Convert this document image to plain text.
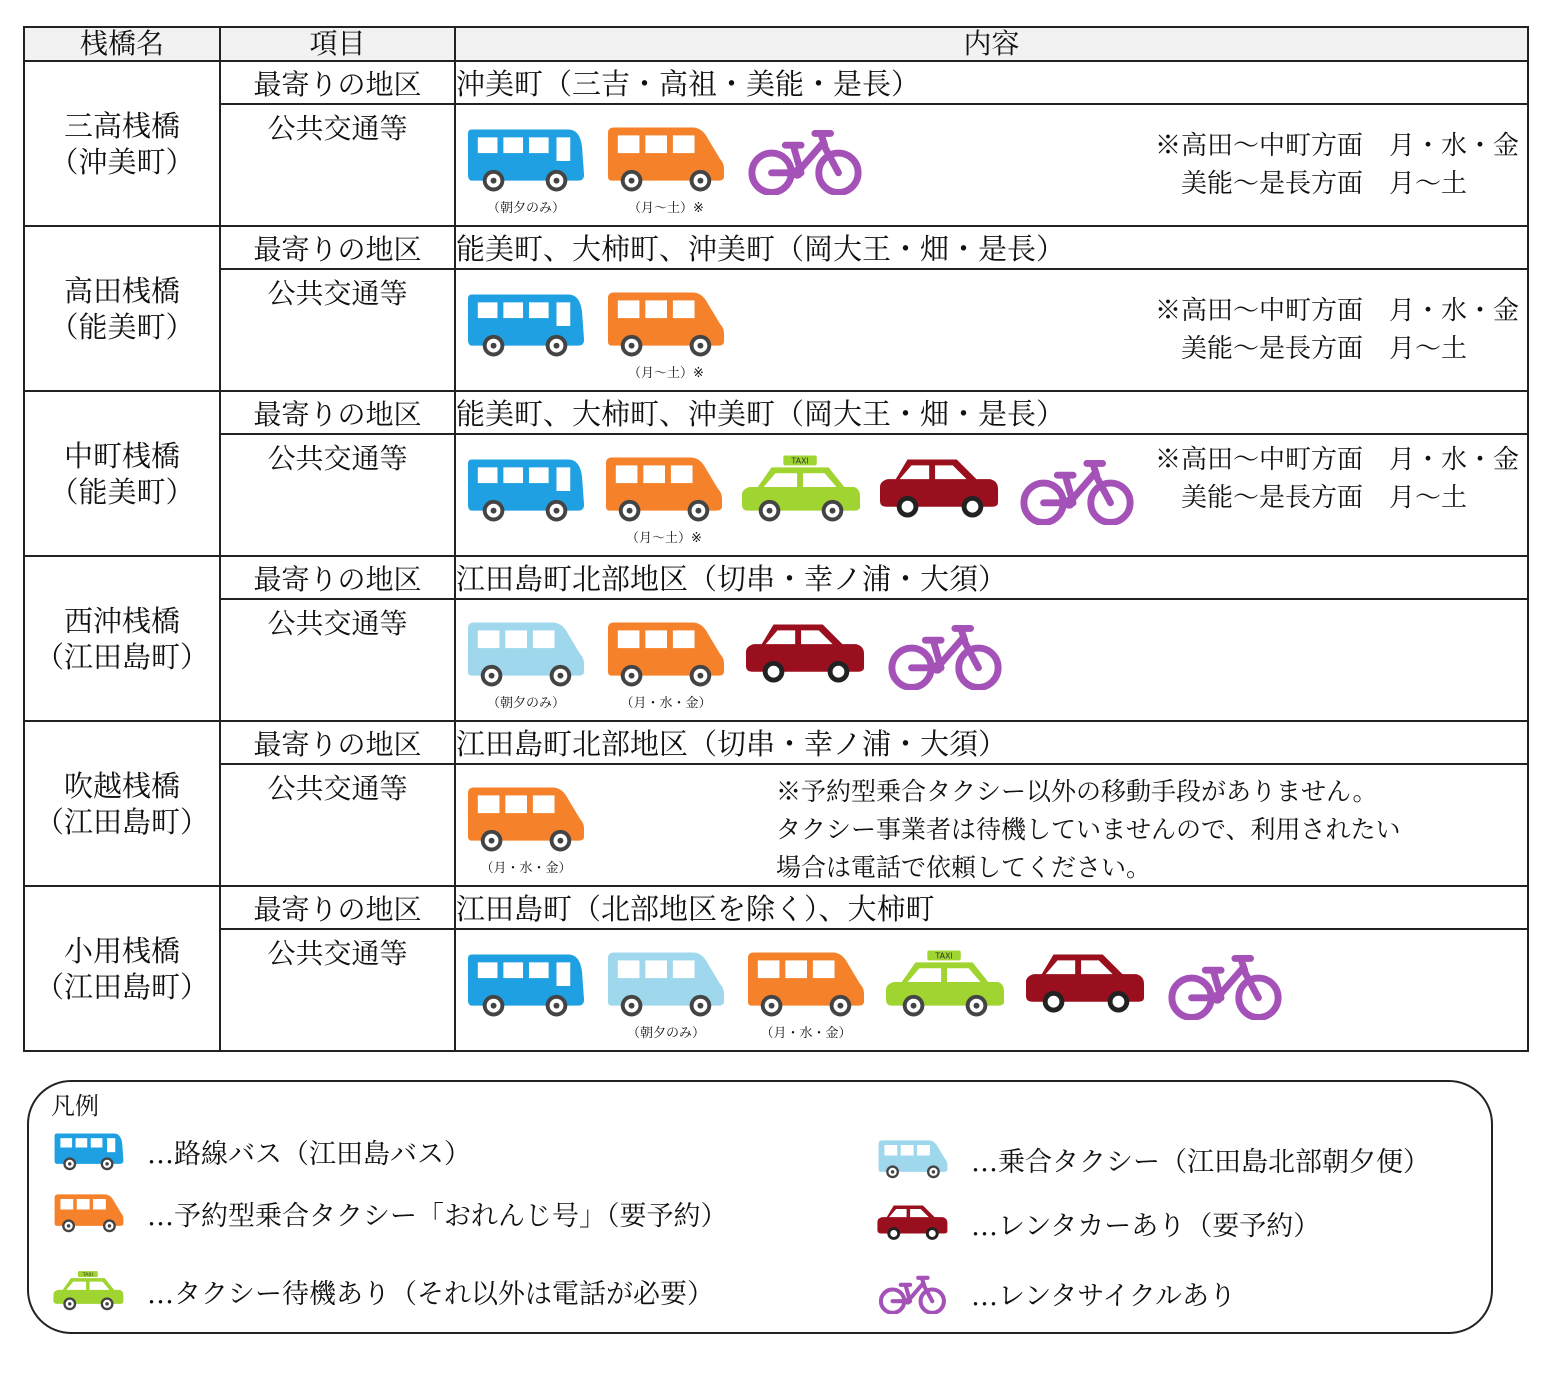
桟橋名	項目	内容

三高桟橋
（沖美町）	最寄りの地区	沖美町（三吉・高祖・美能・是長）
	公共交通等	（朝夕のみ） （月～土）※
※高田～中町方面　月・水・金
　美能～是長方面　月～土

高田桟橋
（能美町）	最寄りの地区	能美町、大柿町、沖美町（岡大王・畑・是長）
	公共交通等	（月～土）※
※高田～中町方面　月・水・金
　美能～是長方面　月～土

中町桟橋
（能美町）	最寄りの地区	能美町、大柿町、沖美町（岡大王・畑・是長）
	公共交通等	（月～土）※
※高田～中町方面　月・水・金
　美能～是長方面　月～土

西沖桟橋
（江田島町）	最寄りの地区	江田島町北部地区（切串・幸ノ浦・大須）
	公共交通等	（朝夕のみ） （月・水・金）

吹越桟橋
（江田島町）	最寄りの地区	江田島町北部地区（切串・幸ノ浦・大須）
	公共交通等	（月・水・金）
※予約型乗合タクシー以外の移動手段がありません。
タクシー事業者は待機していませんので、利用されたい
場合は電話で依頼してください。

小用桟橋
（江田島町）	最寄りの地区	江田島町（北部地区を除く）、大柿町
	公共交通等	（朝夕のみ） （月・水・金）
凡例
…路線バス（江田島バス）
…予約型乗合タクシー「おれんじ号」（要予約）
…タクシー待機あり（それ以外は電話が必要）
…乗合タクシー（江田島北部朝夕便）
…レンタカーあり（要予約）
…レンタサイクルあり
